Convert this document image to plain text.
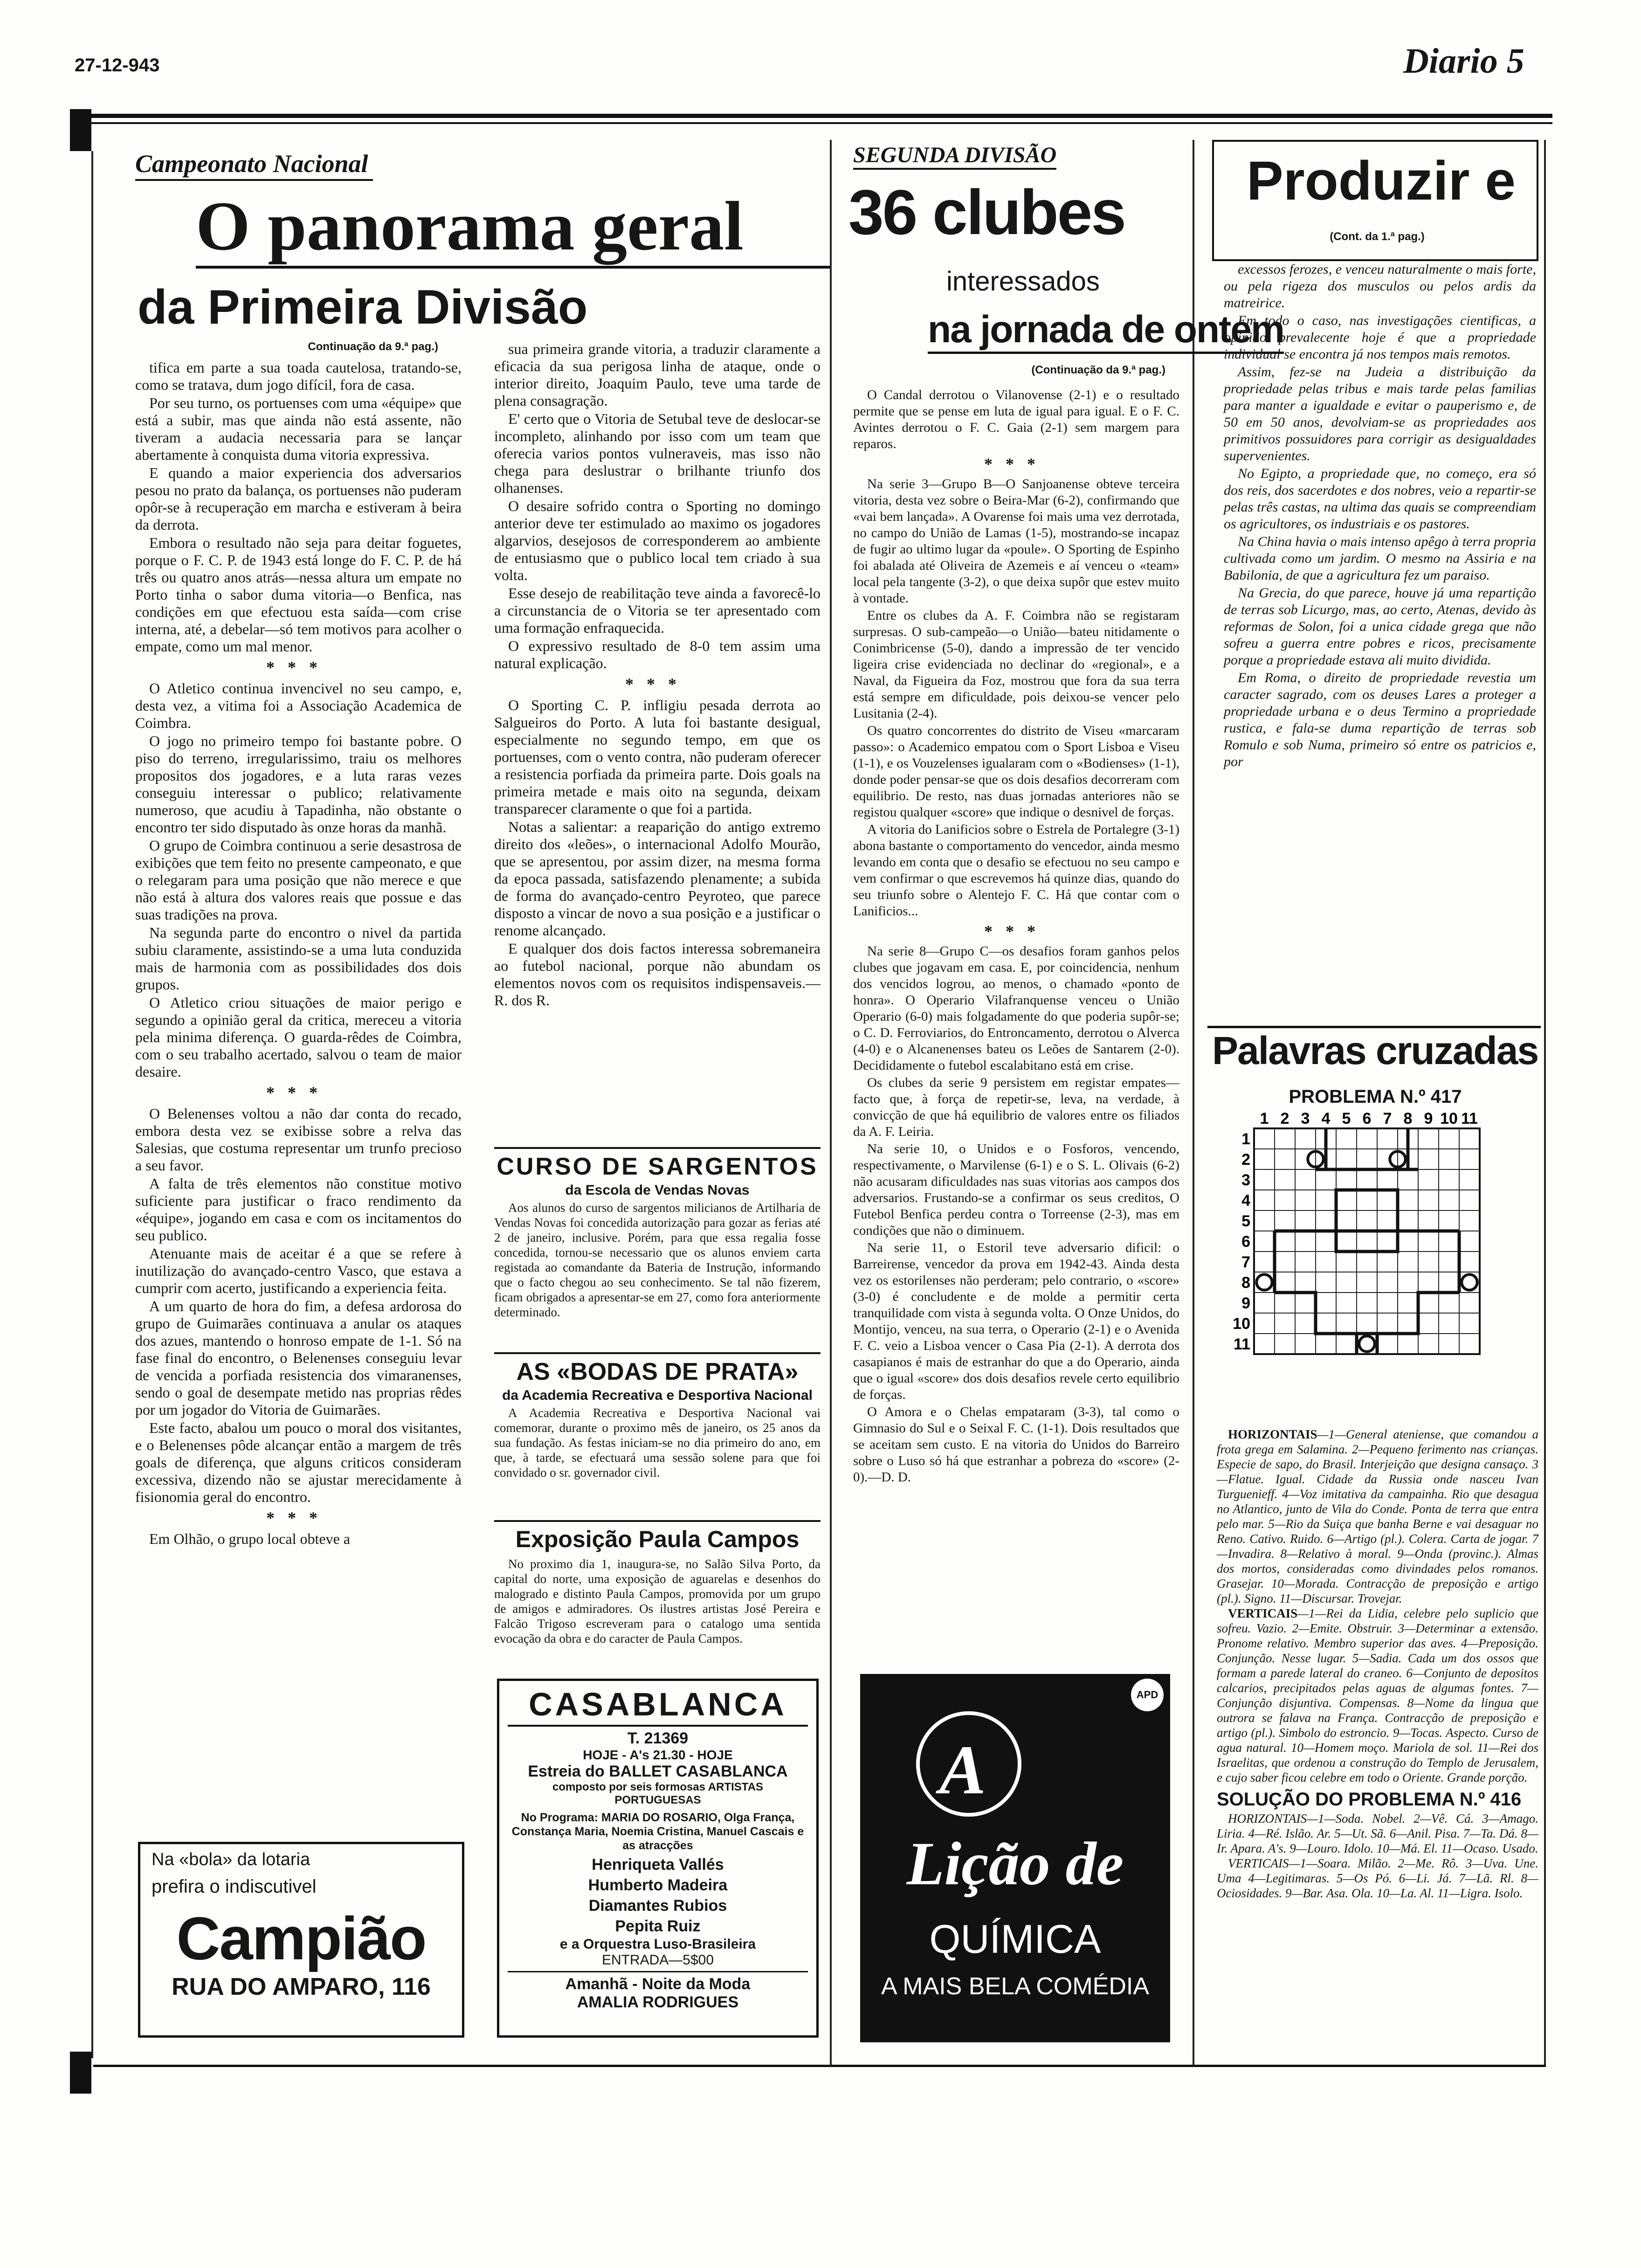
27-12-943	Diario 5
Campeonato Nacional
O panorama geral
da Primeira Divisão
Continuação da 9.ª pag.)

tifica em parte a sua toada cautelosa, tratando-se, como se tratava, dum jogo difícil, fora de casa.

Por seu turno, os portuenses com uma «équipe» que está a subir, mas que ainda não está assente, não tiveram a audacia necessaria para se lançar abertamente à conquista duma vitoria expressiva.

E quando a maior experiencia dos adversarios pesou no prato da balança, os portuenses não puderam opôr-se à recuperação em marcha e estiveram à beira da derrota.

Embora o resultado não seja para deitar foguetes, porque o F. C. P. de 1943 está longe do F. C. P. de há três ou quatro anos atrás—nessa altura um empate no Porto tinha o sabor duma vitoria—o Benfica, nas condições em que efectuou esta saída—com crise interna, até, a debelar—só tem motivos para acolher o empate, como um mal menor.

***

O Atletico continua invencivel no seu campo, e, desta vez, a vitima foi a Associação Academica de Coimbra.

O jogo no primeiro tempo foi bastante pobre. O piso do terreno, irregularissimo, traiu os melhores propositos dos jogadores, e a luta raras vezes conseguiu interessar o publico; relativamente numeroso, que acudiu à Tapadinha, não obstante o encontro ter sido disputado às onze horas da manhã.

O grupo de Coimbra continuou a serie desastrosa de exibições que tem feito no presente campeonato, e que o relegaram para uma posição que não merece e que não está à altura dos valores reais que possue e das suas tradições na prova.

Na segunda parte do encontro o nivel da partida subiu claramente, assistindo-se a uma luta conduzida mais de harmonia com as possibilidades dos dois grupos.

O Atletico criou situações de maior perigo e segundo a opinião geral da critica, mereceu a vitoria pela minima diferença. O guarda-rêdes de Coimbra, com o seu trabalho acertado, salvou o team de maior desaire.

***

O Belenenses voltou a não dar conta do recado, embora desta vez se exibisse sobre a relva das Salesias, que costuma representar um trunfo precioso a seu favor.

A falta de três elementos não constitue motivo suficiente para justificar o fraco rendimento da «équipe», jogando em casa e com os incitamentos do seu publico.

Atenuante mais de aceitar é a que se refere à inutilização do avançado-centro Vasco, que estava a cumprir com acerto, justificando a experiencia feita.

A um quarto de hora do fim, a defesa ardorosa do grupo de Guimarães continuava a anular os ataques dos azues, mantendo o honroso empate de 1-1. Só na fase final do encontro, o Belenenses conseguiu levar de vencida a porfiada resistencia dos vimaranenses, sendo o goal de desempate metido nas proprias rêdes por um jogador do Vitoria de Guimarães.

Este facto, abalou um pouco o moral dos visitantes, e o Belenenses pôde alcançar então a margem de três goals de diferença, que alguns criticos consideram excessiva, dizendo não se ajustar merecidamente à fisionomia geral do encontro.

***

Em Olhão, o grupo local obteve a

Na «bola» da lotaria
prefira o indiscutivel
Campião
RUA DO AMPARO, 116

sua primeira grande vitoria, a traduzir claramente a eficacia da sua perigosa linha de ataque, onde o interior direito, Joaquim Paulo, teve uma tarde de plena consagração.

E' certo que o Vitoria de Setubal teve de deslocar-se incompleto, alinhando por isso com um team que oferecia varios pontos vulneraveis, mas isso não chega para deslustrar o brilhante triunfo dos olhanenses.

O desaire sofrido contra o Sporting no domingo anterior deve ter estimulado ao maximo os jogadores algarvios, desejosos de corresponderem ao ambiente de entusiasmo que o publico local tem criado à sua volta.

Esse desejo de reabilitação teve ainda a favorecê-lo a circunstancia de o Vitoria se ter apresentado com uma formação enfraquecida.

O expressivo resultado de 8-0 tem assim uma natural explicação.

***

O Sporting C. P. infligiu pesada derrota ao Salgueiros do Porto. A luta foi bastante desigual, especialmente no segundo tempo, em que os portuenses, com o vento contra, não puderam oferecer a resistencia porfiada da primeira parte. Dois goals na primeira metade e mais oito na segunda, deixam transparecer claramente o que foi a partida.

Notas a salientar: a reaparição do antigo extremo direito dos «leões», o internacional Adolfo Mourão, que se apresentou, por assim dizer, na mesma forma da epoca passada, satisfazendo plenamente; a subida de forma do avançado-centro Peyroteo, que parece disposto a vincar de novo a sua posição e a justificar o renome alcançado.

E qualquer dos dois factos interessa sobremaneira ao futebol nacional, porque não abundam os elementos novos com os requisitos indispensaveis.—R. dos R.

CURSO DE SARGENTOS
da Escola de Vendas Novas
Aos alunos do curso de sargentos milicianos de Artilharia de Vendas Novas foi concedida autorização para gozar as ferias até 2 de janeiro, inclusive. Porém, para que essa regalia fosse concedida, tornou-se necessario que os alunos enviem carta registada ao comandante da Bateria de Instrução, informando que o facto chegou ao seu conhecimento. Se tal não fizerem, ficam obrigados a apresentar-se em 27, como fora anteriormente determinado.
AS «BODAS DE PRATA»
da Academia Recreativa e Desportiva Nacional
A Academia Recreativa e Desportiva Nacional vai comemorar, durante o proximo mês de janeiro, os 25 anos da sua fundação. As festas iniciam-se no dia primeiro do ano, em que, à tarde, se efectuará uma sessão solene para que foi convidado o sr. governador civil.
Exposição Paula Campos
No proximo dia 1, inaugura-se, no Salão Silva Porto, da capital do norte, uma exposição de aguarelas e desenhos do malogrado e distinto Paula Campos, promovida por um grupo de amigos e admiradores. Os ilustres artistas José Pereira e Falcão Trigoso escreveram para o catalogo uma sentida evocação da obra e do caracter de Paula Campos.
CASABLANCA
T. 21369
HOJE - A's 21.30 - HOJE
Estreia do BALLET CASABLANCA
composto por seis formosas ARTISTAS PORTUGUESAS
No Programa: MARIA DO ROSARIO, Olga França, Constança Maria, Noemia Cristina, Manuel Cascais e as atracções
Henriqueta Vallés
Humberto Madeira
Diamantes Rubios
Pepita Ruiz
e a Orquestra Luso-Brasileira
ENTRADA—5$00
Amanhã - Noite da Moda
AMALIA RODRIGUES
SEGUNDA DIVISÃO
36 clubes
interessados
na jornada de ontem
(Continuação da 9.ª pag.)

O Candal derrotou o Vilanovense (2-1) e o resultado permite que se pense em luta de igual para igual. E o F. C. Avintes derrotou o F. C. Gaia (2-1) sem margem para reparos.

***

Na serie 3—Grupo B—O Sanjoanense obteve terceira vitoria, desta vez sobre o Beira-Mar (6-2), confirmando que «vai bem lançada». A Ovarense foi mais uma vez derrotada, no campo do União de Lamas (1-5), mostrando-se incapaz de fugir ao ultimo lugar da «poule». O Sporting de Espinho foi abalada até Oliveira de Azemeis e aí venceu o «team» local pela tangente (3-2), o que deixa supôr que estev muito à vontade.

Entre os clubes da A. F. Coimbra não se registaram surpresas. O sub-campeão—o União—bateu nitidamente o Conimbricense (5-0), dando a impressão de ter vencido ligeira crise evidenciada no declinar do «regional», e a Naval, da Figueira da Foz, mostrou que fora da sua terra está sempre em dificuldade, pois deixou-se vencer pelo Lusitania (2-4).

Os quatro concorrentes do distrito de Viseu «marcaram passo»: o Academico empatou com o Sport Lisboa e Viseu (1-1), e os Vouzelenses igualaram com o «Bodienses» (1-1), donde poder pensar-se que os dois desafios decorreram com equilibrio. De resto, nas duas jornadas anteriores não se registou qualquer «score» que indique o desnivel de forças.

A vitoria do Lanificios sobre o Estrela de Portalegre (3-1) abona bastante o comportamento do vencedor, ainda mesmo levando em conta que o desafio se efectuou no seu campo e vem confirmar o que escrevemos há quinze dias, quando do seu triunfo sobre o Alentejo F. C. Há que contar com o Lanificios...

***

Na serie 8—Grupo C—os desafios foram ganhos pelos clubes que jogavam em casa. E, por coincidencia, nenhum dos vencidos logrou, ao menos, o chamado «ponto de honra». O Operario Vilafranquense venceu o União Operario (6-0) mais folgadamente do que poderia supôr-se; o C. D. Ferroviarios, do Entroncamento, derrotou o Alverca (4-0) e o Alcanenenses bateu os Leões de Santarem (2-0). Decididamente o futebol escalabitano está em crise.

Os clubes da serie 9 persistem em registar empates—facto que, à força de repetir-se, leva, na verdade, à convicção de que há equilibrio de valores entre os filiados da A. F. Leiria.

Na serie 10, o Unidos e o Fosforos, vencendo, respectivamente, o Marvilense (6-1) e o S. L. Olivais (6-2) não acusaram dificuldades nas suas vitorias aos campos dos adversarios. Frustando-se a confirmar os seus creditos, O Futebol Benfica perdeu contra o Torreense (2-3), mas em condições que não o diminuem.

Na serie 11, o Estoril teve adversario dificil: o Barreirense, vencedor da prova em 1942-43. Ainda desta vez os estorilenses não perderam; pelo contrario, o «score» (3-0) é concludente e de molde a permitir certa tranquilidade com vista à segunda volta. O Onze Unidos, do Montijo, venceu, na sua terra, o Operario (2-1) e o Avenida F. C. veio a Lisboa vencer o Casa Pia (2-1). A derrota dos casapianos é mais de estranhar do que a do Operario, ainda que o igual «score» dos dois desafios revele certo equilibrio de forças.

O Amora e o Chelas empataram (3-3), tal como o Gimnasio do Sul e o Seixal F. C. (1-1). Dois resultados que se aceitam sem custo. E na vitoria do Unidos do Barreiro sobre o Luso só há que estranhar a pobreza do «score» (2-0).—D. D.

APD
A
Lição de
QUÍMICA
A MAIS BELA COMÉDIA
Produzir e
(Cont. da 1.ª pag.)

excessos ferozes, e venceu naturalmente o mais forte, ou pela rigeza dos musculos ou pelos ardis da matreirice.

Em todo o caso, nas investigações cientificas, a opinião prevalecente hoje é que a propriedade individual se encontra já nos tempos mais remotos.

Assim, fez-se na Judeia a distribuição da propriedade pelas tribus e mais tarde pelas familias para manter a igualdade e evitar o pauperismo e, de 50 em 50 anos, devolviam-se as propriedades aos primitivos possuidores para corrigir as desigualdades supervenientes.

No Egipto, a propriedade que, no começo, era só dos reis, dos sacerdotes e dos nobres, veio a repartir-se pelas três castas, na ultima das quais se compreendiam os agricultores, os industriais e os pastores.

Na China havia o mais intenso apêgo à terra propria cultivada como um jardim. O mesmo na Assiria e na Babilonia, de que a agricultura fez um paraiso.

Na Grecia, do que parece, houve já uma repartição de terras sob Licurgo, mas, ao certo, Atenas, devido às reformas de Solon, foi a unica cidade grega que não sofreu a guerra entre pobres e ricos, precisamente porque a propriedade estava ali muito dividida.

Em Roma, o direito de propriedade revestia um caracter sagrado, com os deuses Lares a proteger a propriedade urbana e o deus Termino a propriedade rustica, e fala-se duma repartição de terras sob Romulo e sob Numa, primeiro só entre os patricios e, por

Palavras cruzadas
PROBLEMA N.º 417
1 2 3 4 5 6 7 8 9 10 11
1
2
3
4
5
6
7
8
9
10
11
HORIZONTAIS—1—General ateniense, que comandou a frota grega em Salamina. 2—Pequeno ferimento nas crianças. Especie de sapo, do Brasil. Interjeição que designa cansaço. 3—Flatue. Igual. Cidade da Russia onde nasceu Ivan Turguenieff. 4—Voz imitativa da campainha. Rio que desagua no Atlantico, junto de Vila do Conde. Ponta de terra que entra pelo mar. 5—Rio da Suiça que banha Berne e vai desaguar no Reno. Cativo. Ruido. 6—Artigo (pl.). Colera. Carta de jogar. 7—Invadira. 8—Relativo à moral. 9—Onda (provinc.). Almas dos mortos, consideradas como divindades pelos romanos. Grasejar. 10—Morada. Contracção de preposição e artigo (pl.). Signo. 11—Discursar. Trovejar.
VERTICAIS—1—Rei da Lidia, celebre pelo suplicio que sofreu. Vazio. 2—Emite. Obstruir. 3—Determinar a extensão. Pronome relativo. Membro superior das aves. 4—Preposição. Conjunção. Nesse lugar. 5—Sadia. Cada um dos ossos que formam a parede lateral do craneo. 6—Conjunto de depositos calcarios, precipitados pelas aguas de algumas fontes. 7—Conjunção disjuntiva. Compensas. 8—Nome da lingua que outrora se falava na França. Contracção de preposição e artigo (pl.). Simbolo do estroncio. 9—Tocas. Aspecto. Curso de agua natural. 10—Homem moço. Mariola de sol. 11—Rei dos Israelitas, que ordenou a construção do Templo de Jerusalem, e cujo saber ficou celebre em todo o Oriente. Grande porção.
SOLUÇÃO DO PROBLEMA N.º 416
HORIZONTAIS—1—Soda. Nobel. 2—Vê. Cá. 3—Amago. Liria. 4—Ré. Islão. Ar. 5—Ut. Sã. 6—Anil. Pisa. 7—Ta. Dá. 8—Ir. Apara. A's. 9—Louro. Idolo. 10—Má. El. 11—Ocaso. Usado.
VERTICAIS—1—Soara. Milão. 2—Me. Rô. 3—Uva. Une. Uma 4—Legitimaras. 5—Os Pó. 6—Li. Já. 7—Lã. Rl. 8—Ociosidades. 9—Bar. Asa. Ola. 10—La. Al. 11—Ligra. Isolo.
